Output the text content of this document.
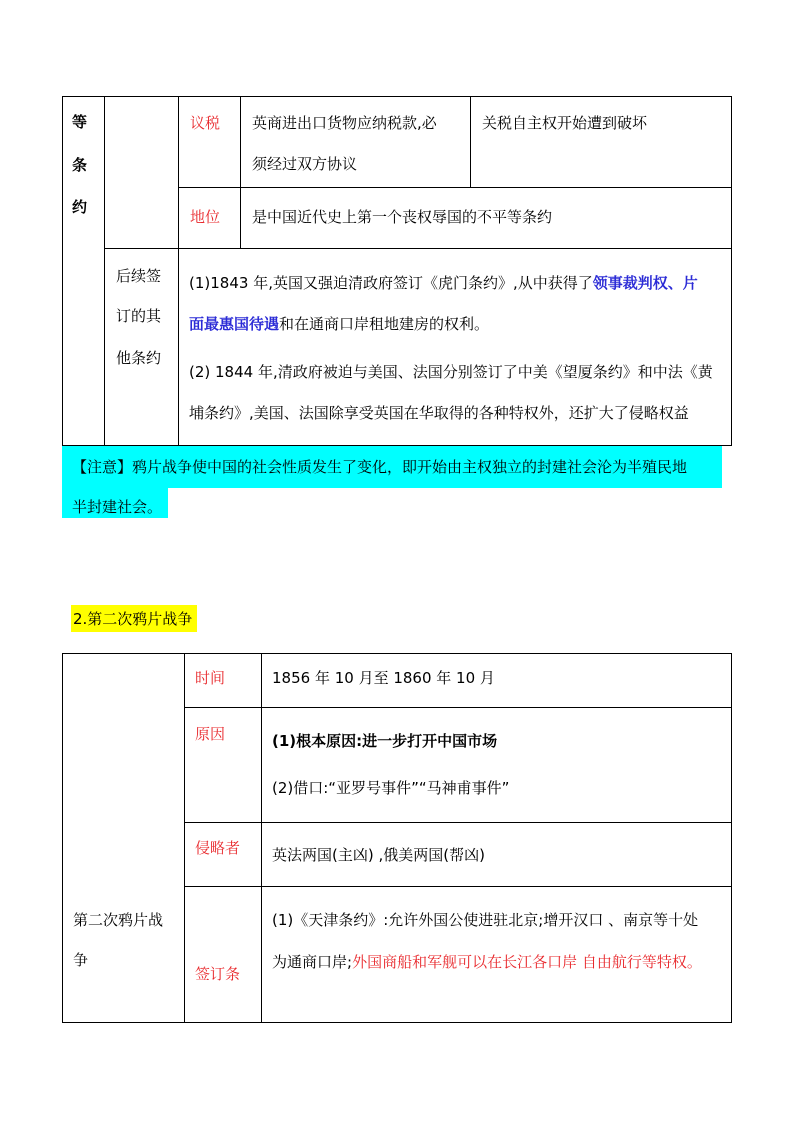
等
条
约
议税 英商进出口货物应纳税款,必
须经过双方协议
关税自主权开始遭到破坏
地位 是中国近代史上第一个丧权辱国的不平等条约
后续签
订的其
他条约
(1)1843 年,英国又强迫清政府签订《虎门条约》,从中获得了领事裁判权、片
面最惠国待遇和在通商口岸租地建房的权利。
(2) 1844 年,清政府被迫与美国、法国分别签订了中美《望厦条约》和中法《黄
埔条约》,美国、法国除享受英国在华取得的各种特权外，还扩大了侵略权益
【注意】鸦片战争使中国的社会性质发生了变化，即开始由主权独立的封建社会沦为半殖民地
半封建社会。
2.第二次鸦片战争
第二次鸦片战
争
时间	1856 年 10 月至 1860 年 10 月
原因	(1)根本原因:进一步打开中国市场
(2)借口:“亚罗号事件”“马神甫事件”
侵略者 英法两国(主凶) ,俄美两国(帮凶)
签订条
(1)《天津条约》:允许外国公使进驻北京;增开汉口 、南京等十处
为通商口岸;外国商船和军舰可以在长江各口岸 自由航行等特权。
